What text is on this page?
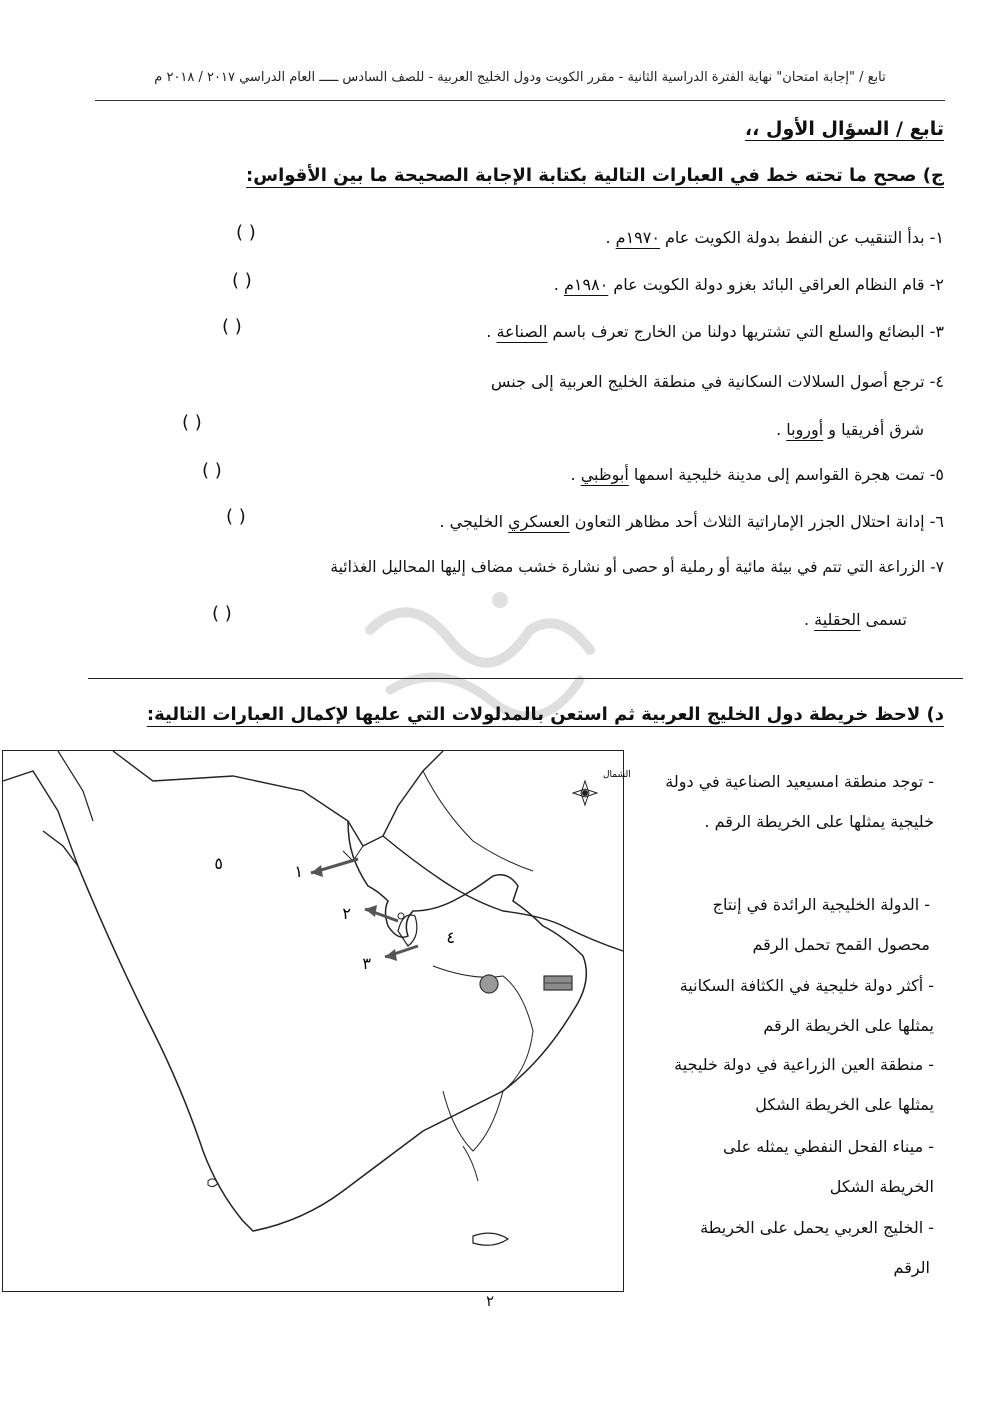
تابع / "إجابة امتحان" نهاية الفترة الدراسية الثانية - مقرر الكويت ودول الخليج العربية - للصف السادس ـــــ العام الدراسي ٢٠١٧ / ٢٠١٨ م
تابع / السؤال الأول ،،
ج) صحح ما تحته خط في العبارات التالية بكتابة الإجابة الصحيحة ما بين الأقواس:
١- بدأ التنقيب عن النفط بدولة الكويت عام ١٩٧٠م .
( )
٢- قام النظام العراقي البائد بغزو دولة الكويت عام ١٩٨٠م .
( )
٣- البضائع والسلع التي تشتريها دولنا من الخارج تعرف باسم الصناعة .
( )
٤- ترجع أصول السلالات السكانية في منطقة الخليج العربية إلى جنس
شرق أفريقيا و أوروبا .
( )
٥- تمت هجرة القواسم إلى مدينة خليجية اسمها أبوظبي .
( )
٦- إدانة احتلال الجزر الإماراتية الثلاث أحد مظاهر التعاون العسكري الخليجي .
( )
٧- الزراعة التي تتم في بيئة مائية أو رملية أو حصى أو نشارة خشب مضاف إليها المحاليل الغذائية
تسمى الحقلية .
( )
د) لاحظ خريطة دول الخليج العربية ثم استعن بالمدلولات التي عليها لإكمال العبارات التالية:
١
٢
٣
٤
٥
الشمال - توجد منطقة امسيعيد الصناعية في دولة
خليجية يمثلها على الخريطة الرقم .
- الدولة الخليجية الرائدة في إنتاج
محصول القمح تحمل الرقم
- أكثر دولة خليجية في الكثافة السكانية
يمثلها على الخريطة الرقم
- منطقة العين الزراعية في دولة خليجية
يمثلها على الخريطة الشكل
- ميناء الفحل النفطي يمثله على
الخريطة الشكل
- الخليج العربي يحمل على الخريطة
الرقم
٢
